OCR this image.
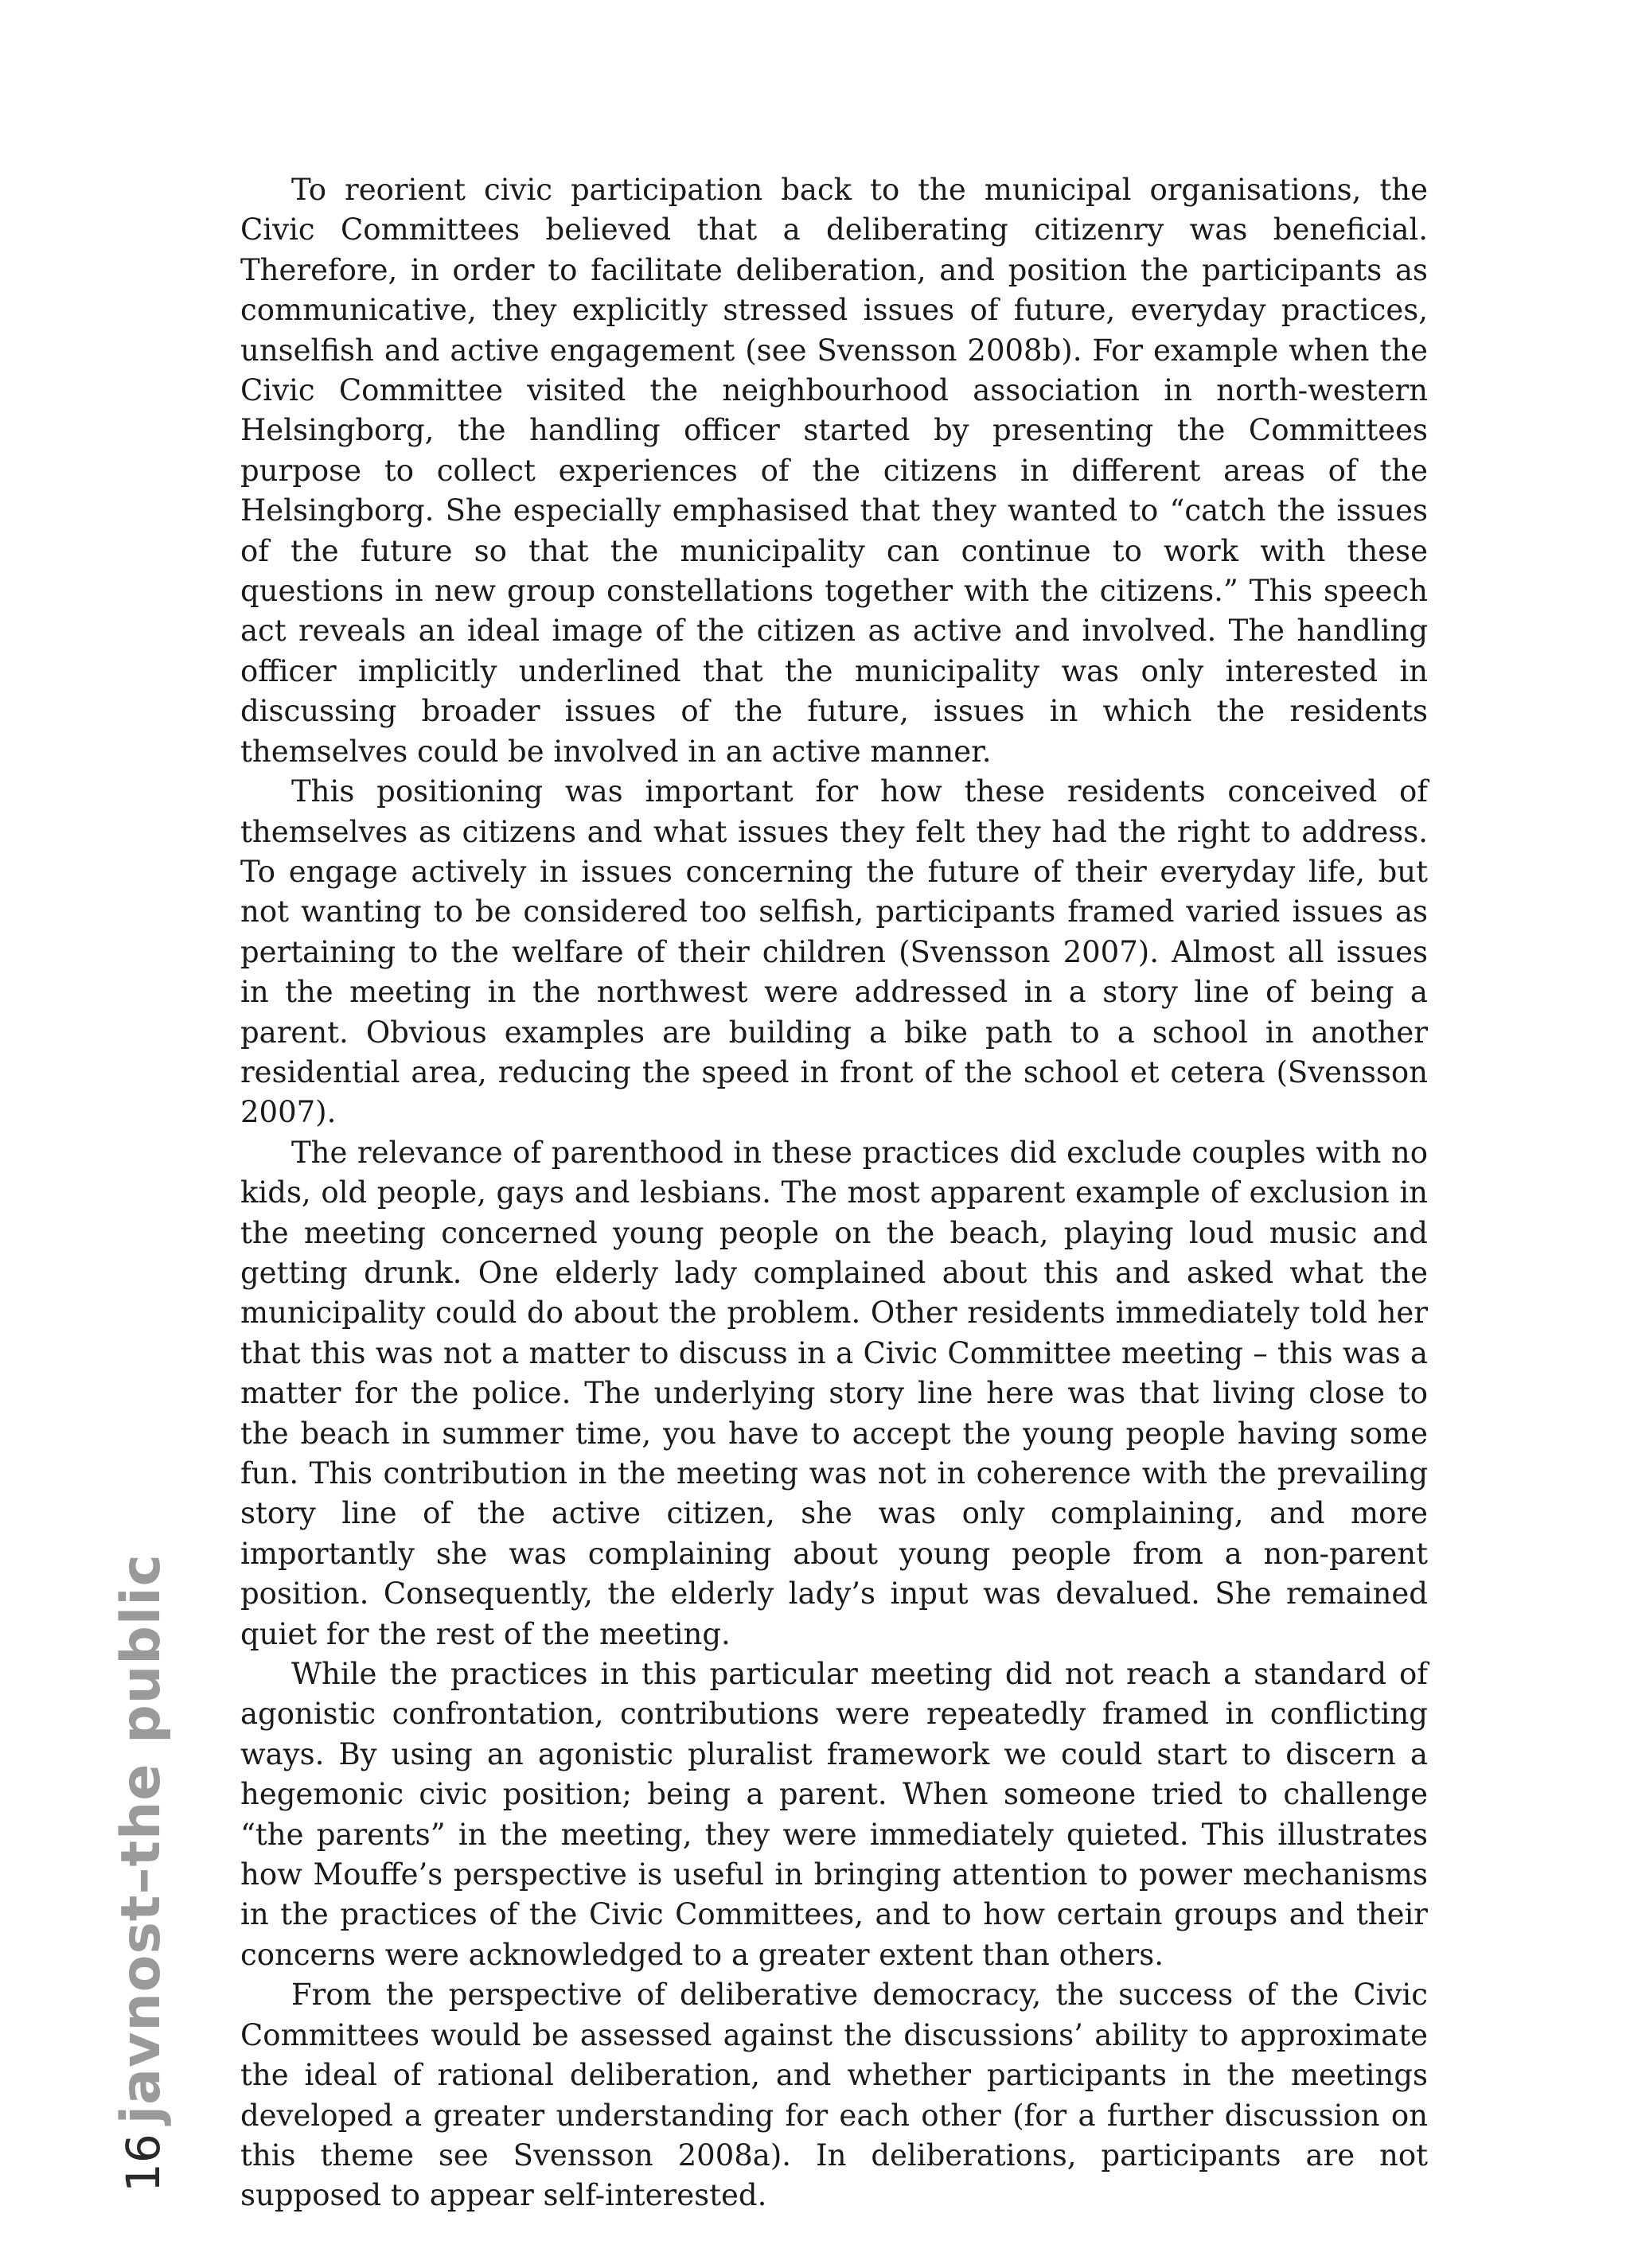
To reorient civic participation back to the municipal organisations, the Civic Committees believed that a deliberating citizenry was beneficial. Therefore, in order to facilitate deliberation, and position the participants as communicative, they explicitly stressed issues of future, everyday practices, unselfish and active engagement (see Svensson 2008b). For example when the Civic Committee visited the neighbourhood association in north-western Helsingborg, the handling officer started by presenting the Committees purpose to collect experiences of the citizens in different areas of the Helsingborg. She especially emphasised that they wanted to “catch the issues of the future so that the municipality can continue to work with these questions in new group constellations together with the citizens.” This speech act reveals an ideal image of the citizen as active and involved. The handling officer implicitly underlined that the municipality was only interested in discussing broader issues of the future, issues in which the residents themselves could be involved in an active manner.

This positioning was important for how these residents conceived of themselves as citizens and what issues they felt they had the right to address. To engage actively in issues concerning the future of their everyday life, but not wanting to be considered too selfish, participants framed varied issues as pertaining to the welfare of their children (Svensson 2007). Almost all issues in the meeting in the northwest were addressed in a story line of being a parent. Obvious examples are building a bike path to a school in another residential area, reducing the speed in front of the school et cetera (Svensson 2007).

The relevance of parenthood in these practices did exclude couples with no kids, old people, gays and lesbians. The most apparent example of exclusion in the meeting concerned young people on the beach, playing loud music and getting drunk. One elderly lady complained about this and asked what the municipality could do about the problem. Other residents immediately told her that this was not a matter to discuss in a Civic Committee meeting – this was a matter for the police. The underlying story line here was that living close to the beach in summer time, you have to accept the young people having some fun. This contribution in the meeting was not in coherence with the prevailing story line of the active citizen, she was only complaining, and more importantly she was complaining about young people from a non-parent position. Consequently, the elderly lady’s input was devalued. She remained quiet for the rest of the meeting.

While the practices in this particular meeting did not reach a standard of agonistic confrontation, contributions were repeatedly framed in conflicting ways. By using an agonistic pluralist framework we could start to discern a hegemonic civic position; being a parent. When someone tried to challenge “the parents” in the meeting, they were immediately quieted. This illustrates how Mouffe’s perspective is useful in bringing attention to power mechanisms in the practices of the Civic Committees, and to how certain groups and their concerns were acknowledged to a greater extent than others.

From the perspective of deliberative democracy, the success of the Civic Committees would be assessed against the discussions’ ability to approximate the ideal of rational deliberation, and whether participants in the meetings developed a greater understanding for each other (for a further discussion on this theme see Svensson 2008a). In deliberations, participants are not supposed to appear self-interested.

16
javnost–the public
